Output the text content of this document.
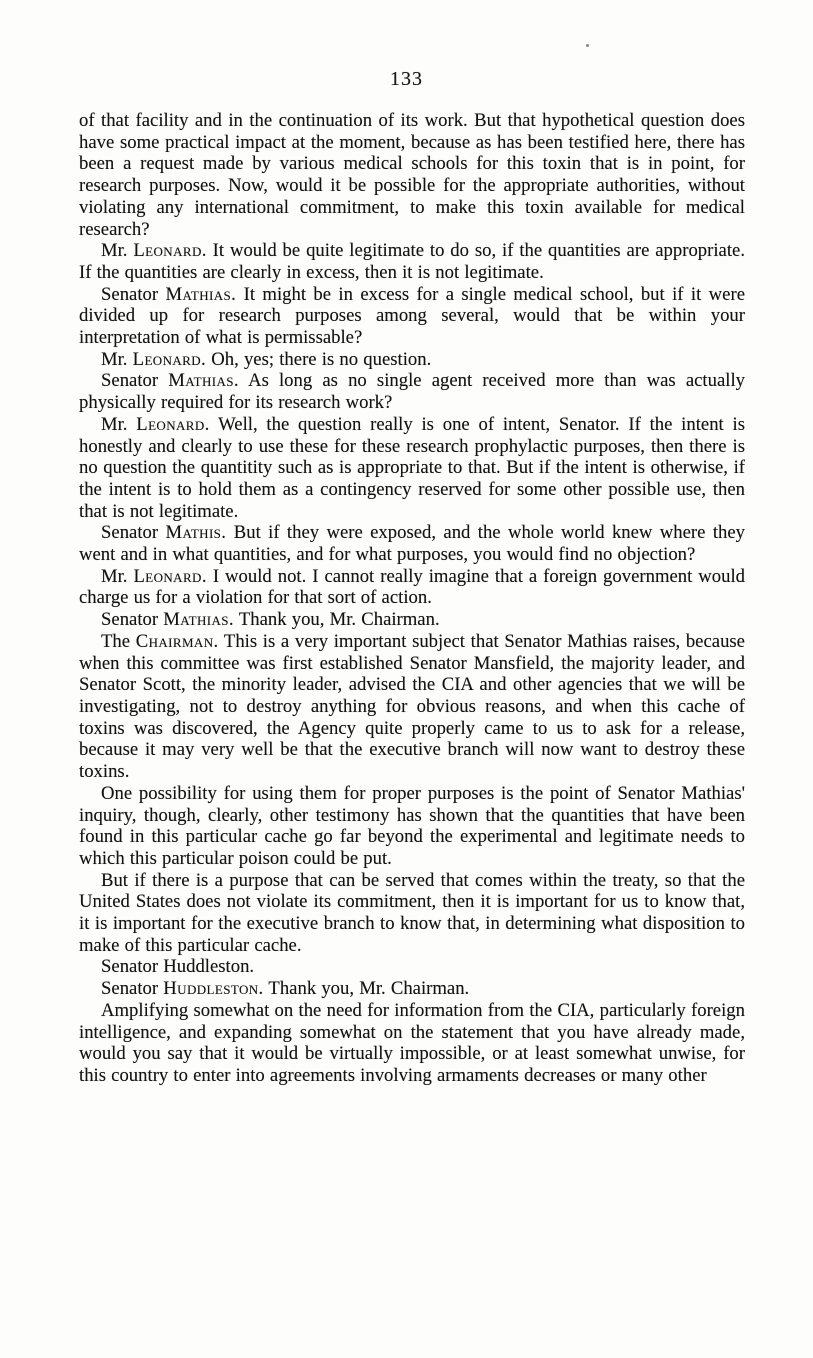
133

of that facility and in the continuation of its work. But that hypothetical question does have some practical impact at the moment, because as has been testified here, there has been a request made by various medical schools for this toxin that is in point, for research purposes. Now, would it be possible for the appropriate authorities, without violating any international commitment, to make this toxin available for medical research?

Mr. Leonard. It would be quite legitimate to do so, if the quantities are appropriate. If the quantities are clearly in excess, then it is not legitimate.

Senator Mathias. It might be in excess for a single medical school, but if it were divided up for research purposes among several, would that be within your interpretation of what is permissable?

Mr. Leonard. Oh, yes; there is no question.

Senator Mathias. As long as no single agent received more than was actually physically required for its research work?

Mr. Leonard. Well, the question really is one of intent, Senator. If the intent is honestly and clearly to use these for these research prophylactic purposes, then there is no question the quantitity such as is appropriate to that. But if the intent is otherwise, if the intent is to hold them as a contingency reserved for some other possible use, then that is not legitimate.

Senator Mathis. But if they were exposed, and the whole world knew where they went and in what quantities, and for what purposes, you would find no objection?

Mr. Leonard. I would not. I cannot really imagine that a foreign government would charge us for a violation for that sort of action.

Senator Mathias. Thank you, Mr. Chairman.

The Chairman. This is a very important subject that Senator Mathias raises, because when this committee was first established Senator Mansfield, the majority leader, and Senator Scott, the minority leader, advised the CIA and other agencies that we will be investigating, not to destroy anything for obvious reasons, and when this cache of toxins was discovered, the Agency quite properly came to us to ask for a release, because it may very well be that the executive branch will now want to destroy these toxins.

One possibility for using them for proper purposes is the point of Senator Mathias' inquiry, though, clearly, other testimony has shown that the quantities that have been found in this particular cache go far beyond the experimental and legitimate needs to which this particular poison could be put.

But if there is a purpose that can be served that comes within the treaty, so that the United States does not violate its commitment, then it is important for us to know that, it is important for the executive branch to know that, in determining what disposition to make of this particular cache.

Senator Huddleston.

Senator Huddleston. Thank you, Mr. Chairman.

Amplifying somewhat on the need for information from the CIA, particularly foreign intelligence, and expanding somewhat on the statement that you have already made, would you say that it would be virtually impossible, or at least somewhat unwise, for this country to enter into agreements involving armaments decreases or many other
